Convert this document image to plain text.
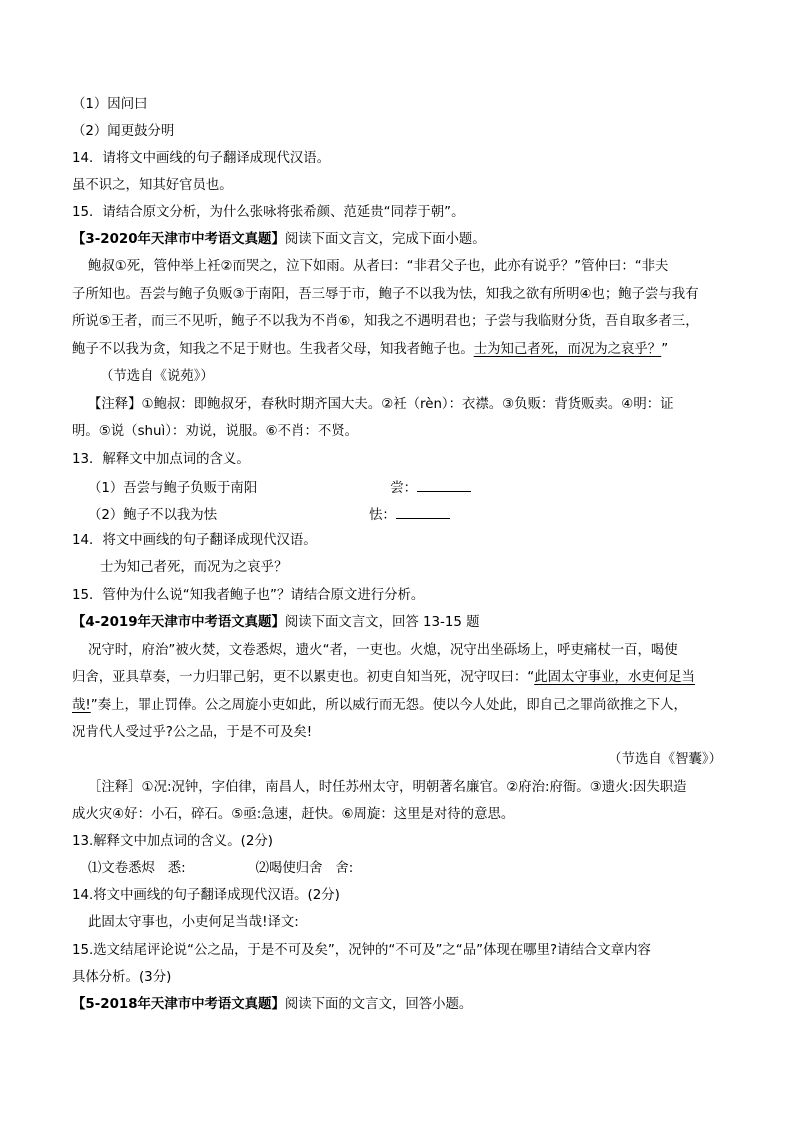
（1）因问曰
（2）闻更鼓分明
14．请将文中画线的句子翻译成现代汉语。
虽不识之，知其好官员也。
15．请结合原文分析，为什么张咏将张希颜、范延贵“同荐于朝”。
【3-2020年天津市中考语文真题】阅读下面文言文，完成下面小题。
鲍叔①死，管仲举上衽②而哭之，泣下如雨。从者曰：“非君父子也，此亦有说乎？”管仲曰：“非夫
子所知也。吾尝与鲍子负贩③于南阳，吾三辱于市，鲍子不以我为怯，知我之欲有所明④也；鲍子尝与我有
所说⑤王者，而三不见听，鲍子不以我为不肖⑥，知我之不遇明君也；子尝与我临财分货，吾自取多者三，
鲍子不以我为贪，知我之不足于财也。生我者父母，知我者鲍子也。士为知己者死，而况为之哀乎？”
（节选自《说苑》）
【注释】①鲍叔：即鲍叔牙，春秋时期齐国大夫。②衽（rèn）：衣襟。③负贩：背货贩卖。④明：证
明。⑤说（shuì）：劝说，说服。⑥不肖：不贤。
13．解释文中加点词的含义。
（1）吾尝与鲍子负贩于南阳	尝：
（2）鲍子不以我为怯	怯：
14．将文中画线的句子翻译成现代汉语。
士为知己者死，而况为之哀乎？
15．管仲为什么说“知我者鲍子也”？请结合原文进行分析。
【4-2019年天津市中考语文真题】阅读下面文言文，回答 13-15 题
况守时，府治”被火焚，文卷悉烬，遗火“者，一吏也。火熄，况守出坐砾场上，呼吏痛杖一百，喝使
归舍，亚具草奏，一力归罪己躬，更不以累吏也。初吏自知当死，况守叹曰：“此固太守事业，水吏何足当
哉!”奏上，罪止罚俸。公之周旋小吏如此，所以威行而无怨。使以今人处此，即自己之罪尚欲推之下人，
况肯代人受过乎?公之品，于是不可及矣!
（节选自《智囊》）
［注释］①况:况钟，字伯律，南昌人，时任苏州太守，明朝著名廉官。②府治:府衙。③遗火:因失职造
成火灾④好：小石，碎石。⑤亟:急速，赶快。⑥周旋：这里是对待的意思。
13.解释文中加点词的含义。(2分)
⑴文卷悉烬   悉:	⑵喝使归舍   舍:
14.将文中画线的句子翻译成现代汉语。(2分)
此固太守事也，小吏何足当哉!译文:
15.选文结尾评论说“公之品，于是不可及矣”，况钟的“不可及”之“品”体现在哪里?请结合文章内容
具体分析。(3分)
【5-2018年天津市中考语文真题】阅读下面的文言文，回答小题。
